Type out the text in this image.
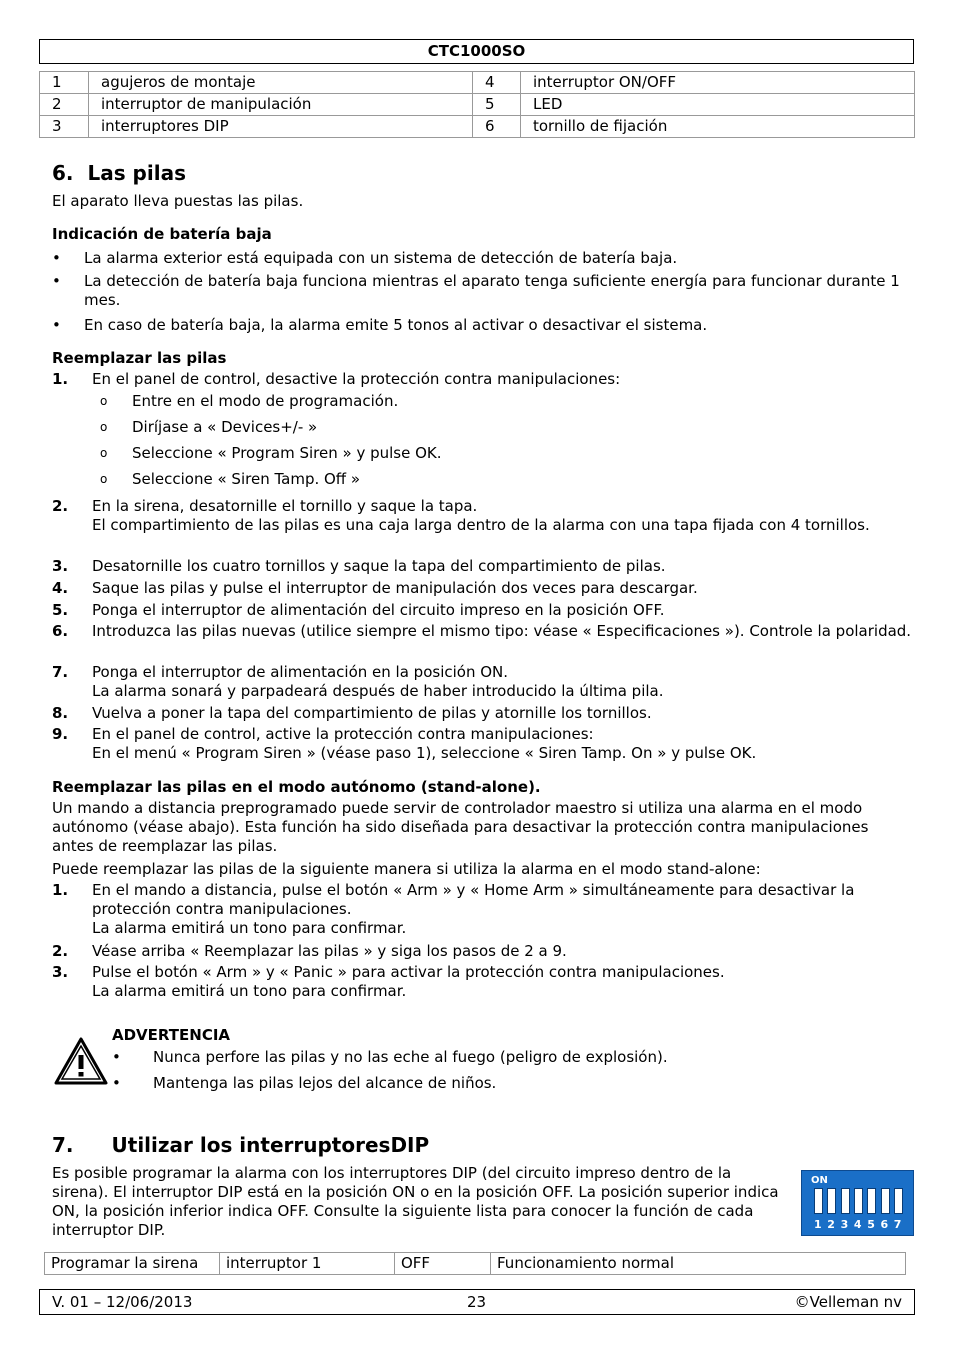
CTC1000SO
1	agujeros de montaje	4	interruptor ON/OFF
2	interruptor de manipulación	5	LED
3	interruptores DIP	6	tornillo de fijación
6. Las pilas
El aparato lleva puestas las pilas.
Indicación de batería baja
• La alarma exterior está equipada con un sistema de detección de batería baja.
• La detección de batería baja funciona mientras el aparato tenga suficiente energía para funcionar durante 1 mes.
• En caso de batería baja, la alarma emite 5 tonos al activar o desactivar el sistema.
Reemplazar las pilas
1. En el panel de control, desactive la protección contra manipulaciones:
o Entre en el modo de programación.
o Diríjase a « Devices+/- »
o Seleccione « Program Siren » y pulse OK.
o Seleccione « Siren Tamp. Off »
2. En la sirena, desatornille el tornillo y saque la tapa.
El compartimiento de las pilas es una caja larga dentro de la alarma con una tapa fijada con 4 tornillos.
3. Desatornille los cuatro tornillos y saque la tapa del compartimiento de pilas.
4. Saque las pilas y pulse el interruptor de manipulación dos veces para descargar.
5. Ponga el interruptor de alimentación del circuito impreso en la posición OFF.
6. Introduzca las pilas nuevas (utilice siempre el mismo tipo: véase « Especificaciones »). Controle la polaridad.
7. Ponga el interruptor de alimentación en la posición ON.
La alarma sonará y parpadeará después de haber introducido la última pila.
8. Vuelva a poner la tapa del compartimiento de pilas y atornille los tornillos.
9. En el panel de control, active la protección contra manipulaciones:
En el menú « Program Siren » (véase paso 1), seleccione « Siren Tamp. On » y pulse OK.
Reemplazar las pilas en el modo autónomo (stand-alone).
Un mando a distancia preprogramado puede servir de controlador maestro si utiliza una alarma en el modo autónomo (véase abajo). Esta función ha sido diseñada para desactivar la protección contra manipulaciones antes de reemplazar las pilas.
Puede reemplazar las pilas de la siguiente manera si utiliza la alarma en el modo stand-alone:
1. En el mando a distancia, pulse el botón « Arm » y « Home Arm » simultáneamente para desactivar la protección contra manipulaciones.
La alarma emitirá un tono para confirmar.
2. Véase arriba « Reemplazar las pilas » y siga los pasos de 2 a 9.
3. Pulse el botón « Arm » y « Panic » para activar la protección contra manipulaciones.
La alarma emitirá un tono para confirmar.
ADVERTENCIA
• Nunca perfore las pilas y no las eche al fuego (peligro de explosión).
• Mantenga las pilas lejos del alcance de niños.
7. Utilizar los interruptoresDIP
Es posible programar la alarma con los interruptores DIP (del circuito impreso dentro de la sirena). El interruptor DIP está en la posición ON o en la posición OFF. La posición superior indica ON, la posición inferior indica OFF. Consulte la siguiente lista para conocer la función de cada interruptor DIP.
ON
1 2 3 4 5 6 7
Programar la sirena	interruptor 1	OFF	Funcionamiento normal
V. 01 – 12/06/2013	23	©Velleman nv
